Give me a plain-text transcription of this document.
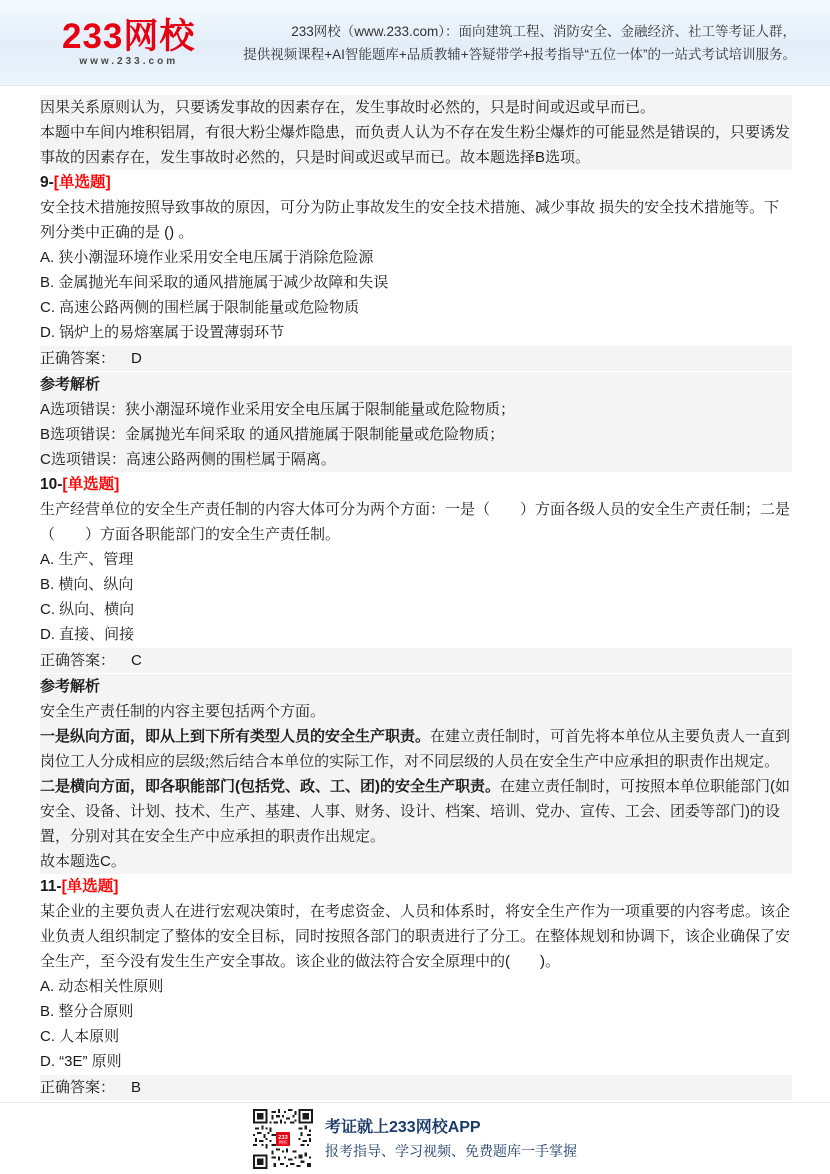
233网校
www.233.com
233网校（www.233.com）：面向建筑工程、消防安全、金融经济、社工等考证人群，
提供视频课程+AI智能题库+品质教辅+答疑带学+报考指导“五位一体”的一站式考试培训服务。

因果关系原则认为，只要诱发事故的因素存在，发生事故时必然的，只是时间或迟或早而已。

本题中车间内堆积铝屑，有很大粉尘爆炸隐患，而负责人认为不存在发生粉尘爆炸的可能显然是错误的，只要诱发事故的因素存在，发生事故时必然的，只是时间或迟或早而已。故本题选择B选项。

9-[单选题]

安全技术措施按照导致事故的原因，可分为防止事故发生的安全技术措施、减少事故 损失的安全技术措施等。下列分类中正确的是 () 。

A. 狭小潮湿环境作业采用安全电压属于消除危险源

B. 金属抛光车间采取的通风措施属于减少故障和失误

C. 高速公路两侧的围栏属于限制能量或危险物质

D. 锅炉上的易熔塞属于设置薄弱环节

正确答案： D
参考解析

A选项错误：狭小潮湿环境作业采用安全电压属于限制能量或危险物质；

B选项错误：金属抛光车间采取 的通风措施属于限制能量或危险物质；

C选项错误：高速公路两侧的围栏属于隔离。

10-[单选题]

生产经营单位的安全生产责任制的内容大体可分为两个方面：一是（　　）方面各级人员的安全生产责任制；二是（　　）方面各职能部门的安全生产责任制。

A. 生产、管理

B. 横向、纵向

C. 纵向、横向

D. 直接、间接

正确答案： C
参考解析

安全生产责任制的内容主要包括两个方面。

一是纵向方面，即从上到下所有类型人员的安全生产职责。在建立责任制时，可首先将本单位从主要负责人一直到岗位工人分成相应的层级;然后结合本单位的实际工作，对不同层级的人员在安全生产中应承担的职责作出规定。

二是横向方面，即各职能部门(包括党、政、工、团)的安全生产职责。在建立责任制时，可按照本单位职能部门(如安全、设备、计划、技术、生产、基建、人事、财务、设计、档案、培训、党办、宣传、工会、团委等部门)的设置，分别对其在安全生产中应承担的职责作出规定。

故本题选C。

11-[单选题]

某企业的主要负责人在进行宏观决策时，在考虑资金、人员和体系时，将安全生产作为一项重要的内容考虑。该企业负责人组织制定了整体的安全目标，同时按照各部门的职责进行了分工。在整体规划和协调下，该企业确保了安全生产，至今没有发生生产安全事故。该企业的做法符合安全原理中的(　　)。

A. 动态相关性原则

B. 整分合原则

C. 人本原则

D. “3E” 原则

正确答案： B
233
网校
考证就上233网校APP
报考指导、学习视频、免费题库一手掌握
